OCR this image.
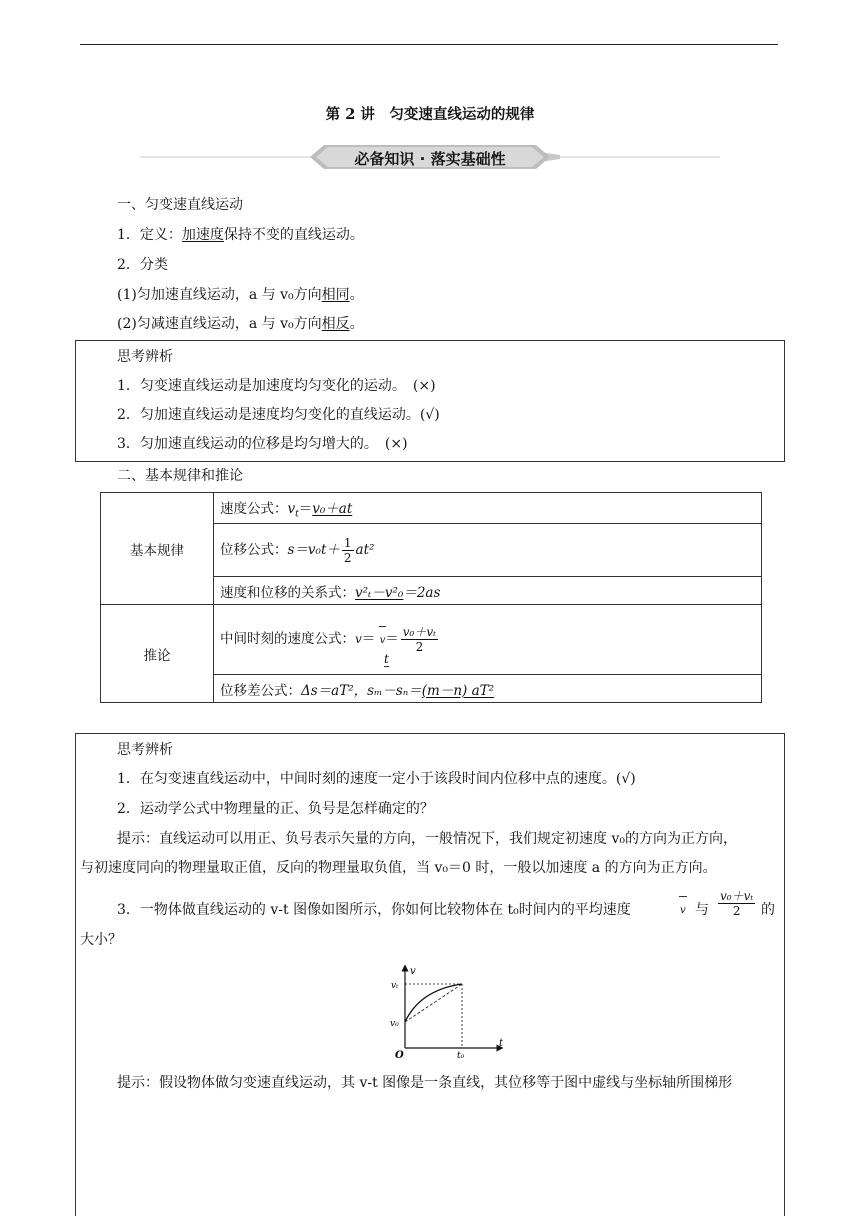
第 2 讲　匀变速直线运动的规律
必备知识 · 落实基础性
一、匀变速直线运动
1．定义：加速度保持不变的直线运动。
2．分类
(1)匀加速直线运动，a 与 v₀方向相同。
(2)匀减速直线运动，a 与 v₀方向相反。
思考辨析
1．匀变速直线运动是加速度均匀变化的运动。　(×)
2．匀加速直线运动是速度均匀变化的直线运动。(√)
3．匀加速直线运动的位移是均匀增大的。　(×)
二、基本规律和推论
基本规律	速度公式：$v_t=v_0+at$
	位移公式：$s=v_0t+ \frac{1}{2} at^2$
	速度和位移的关系式：v²ₜ－v²₀＝2as
推论	中间时刻的速度公式：$v= v= \frac{\text{v₀＋vₜ}}{2}$
t

	位移差公式：Δs＝aT²，sₘ－sₙ＝(m－n) aT²
思考辨析
1．在匀变速直线运动中，中间时刻的速度一定小于该段时间内位移中点的速度。(√)
2．运动学公式中物理量的正、负号是怎样确定的？
提示：直线运动可以用正、负号表示矢量的方向，一般情况下，我们规定初速度 v₀的方向为正方向，
与初速度同向的物理量取正值，反向的物理量取负值，当 v₀＝0 时，一般以加速度 a 的方向为正方向。
3．一物体做直线运动的 v-t 图像如图所示，你如何比较物体在 t₀时间内的平均速度	v 与 $\frac{\text{v₀＋vₜ}}{2}$ 的
大小？
v
t
vₜ
v₀
O	t₀
提示：假设物体做匀变速直线运动，其 v-t 图像是一条直线，其位移等于图中虚线与坐标轴所围梯形
